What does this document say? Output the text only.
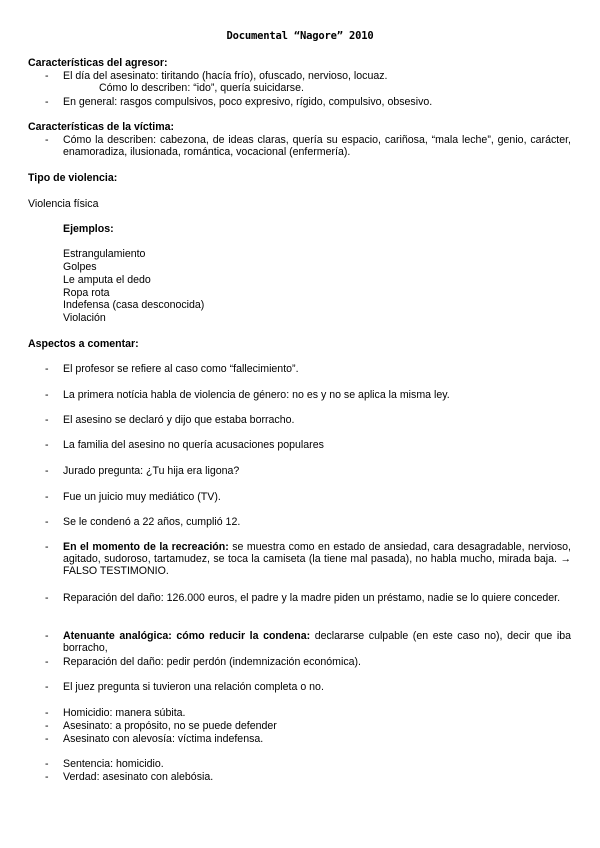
Documental “Nagore” 2010
Características del agresor:
- El día del asesinato: tiritando (hacía frío), ofuscado, nervioso, locuaz.
Cómo lo describen: “ido”, quería suicidarse.
- En general: rasgos compulsivos, poco expresivo, rígido, compulsivo, obsesivo.
Características de la víctima:
- Cómo la describen: cabezona, de ideas claras, quería su espacio, cariñosa, “mala leche”, genio, carácter, enamoradiza, ilusionada, romántica, vocacional (enfermería).
Tipo de violencia:
Violencia física
Ejemplos:
Estrangulamiento
Golpes
Le amputa el dedo
Ropa rota
Indefensa (casa desconocida)
Violación
Aspectos a comentar:
- El profesor se refiere al caso como “fallecimiento”.
- La primera notícia habla de violencia de género: no es y no se aplica la misma ley.
- El asesino se declaró y dijo que estaba borracho.
- La familia del asesino no quería acusaciones populares
- Jurado pregunta: ¿Tu hija era ligona?
- Fue un juicio muy mediático (TV).
- Se le condenó a 22 años, cumplió 12.
- En el momento de la recreación: se muestra como en estado de ansiedad, cara desagradable, nervioso, agitado, sudoroso, tartamudez, se toca la camiseta (la tiene mal pasada), no habla mucho, mirada baja. → FALSO TESTIMONIO.
- Reparación del daño: 126.000 euros, el padre y la madre piden un préstamo, nadie se lo quiere conceder.
- Atenuante analógica: cómo reducir la condena: declararse culpable (en este caso no), decir que iba borracho,
- Reparación del daño: pedir perdón (indemnización económica).
- El juez pregunta si tuvieron una relación completa o no.
- Homicidio: manera súbita.
- Asesinato: a propósito, no se puede defender
- Asesinato con alevosía: víctima indefensa.
- Sentencia: homicidio.
- Verdad: asesinato con alebósia.
